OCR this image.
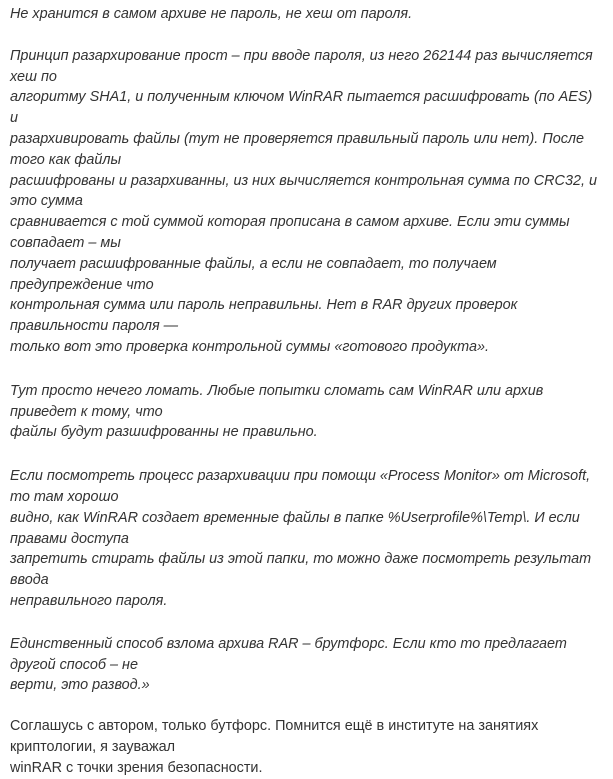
Не хранится в самом архиве не пароль, не хеш от пароля.

Принцип разархирование прост – при вводе пароля, из него 262144 раз вычисляется хеш по
алгоритму SHA1, и полученным ключом WinRAR пытается расшифровать (по AES) и
разархивировать файлы (тут не проверяется правильный пароль или нет). После того как файлы
расшифрованы и разархиванны, из них вычисляется контрольная сумма по CRC32, и это сумма
сравнивается с той суммой которая прописана в самом архиве. Если эти суммы совпадает – мы
получает расшифрованные файлы, а если не совпадает, то получаем предупреждение что
контрольная сумма или пароль неправильны. Нет в RAR других проверок правильности пароля —
только вот это проверка контрольной суммы «готового продукта».

Тут просто нечего ломать. Любые попытки сломать сам WinRAR или архив приведет к тому, что
файлы будут разшифрованны не правильно.

Если посмотреть процесс разархивации при помощи «Process Monitor» от Microsoft, то там хорошо
видно, как WinRAR создает временные файлы в папке %Userprofile%\Temp\. И если правами доступа
запретить стирать файлы из этой папки, то можно даже посмотреть результат ввода
неправильного пароля.

Единственный способ взлома архива RAR – брутфорс. Если кто то предлагает другой способ – не
верти, это развод.»

Соглашусь с автором, только бутфорс. Помнится ещё в институте на занятиях криптологии, я зауважал
winRAR с точки зрения безопасности.
